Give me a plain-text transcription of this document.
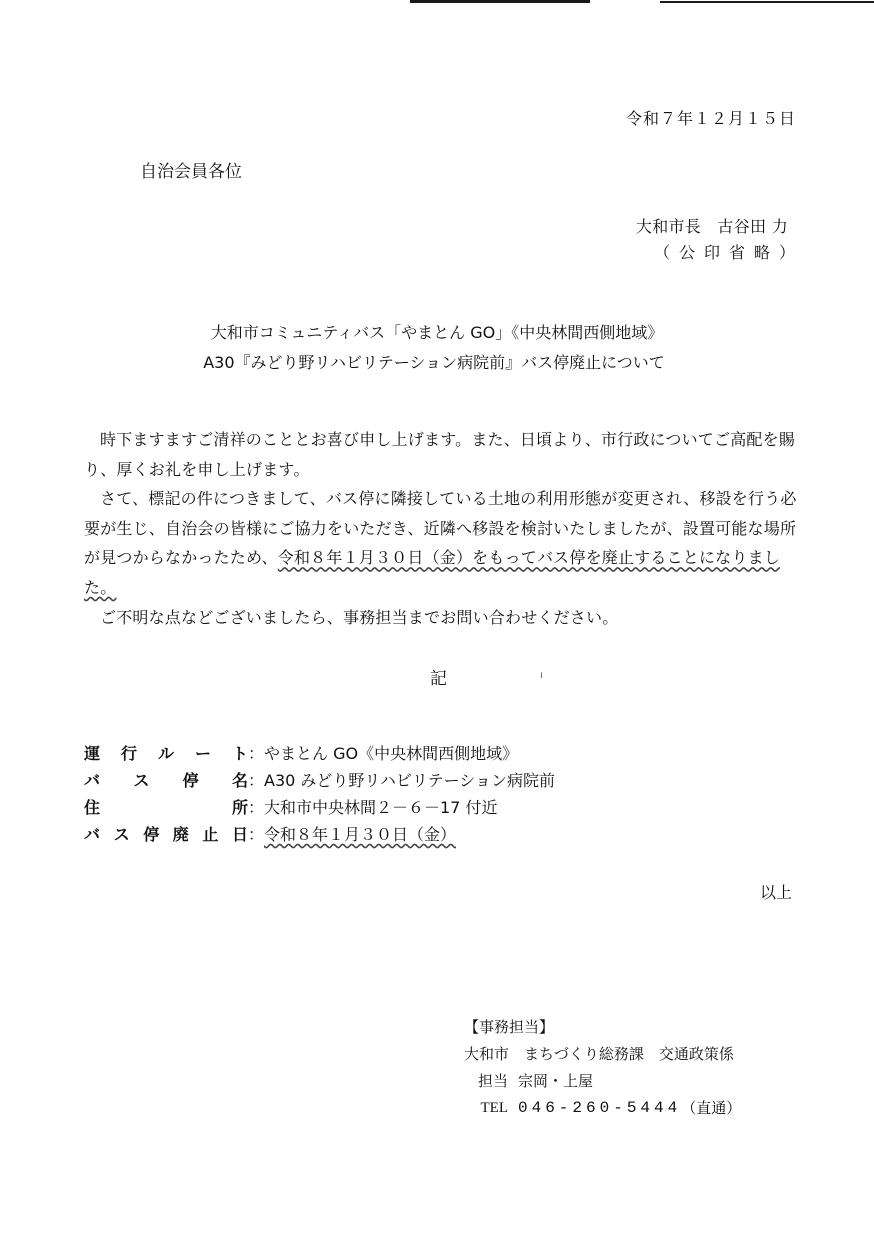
令和７年１２月１５日
自治会員各位
大和市長　古谷田 力
（公印省略）
大和市コミュニティバス「やまとん GO」《中央林間西側地域》
A30『みどり野リハビリテーション病院前』バス停廃止について

時下ますますご清祥のこととお喜び申し上げます。また、日頃より、市行政についてご高配を賜り、厚くお礼を申し上げます。

さて、標記の件につきまして、バス停に隣接している土地の利用形態が変更され、移設を行う必要が生じ、自治会の皆様にご協力をいただき、近隣へ移設を検討いたしましたが、設置可能な場所が見つからなかったため、令和８年１月３０日（金）をもってバス停を廃止することになりました。

ご不明な点などございましたら、事務担当までお問い合わせください。

記	ı
運 行 ル ー ト ： やまとん GO《中央林間西側地域》
バ ス 停 名 ： A30 みどり野リハビリテーション病院前
住	所 ： 大和市中央林間２－６－17 付近
バ ス 停 廃 止 日 ： 令和８年１月３０日（金）
以上
【事務担当】
大和市 まちづくり総務課　交通政策係
担当 宗岡・上屋
TEL 046-260-5444 （直通）
